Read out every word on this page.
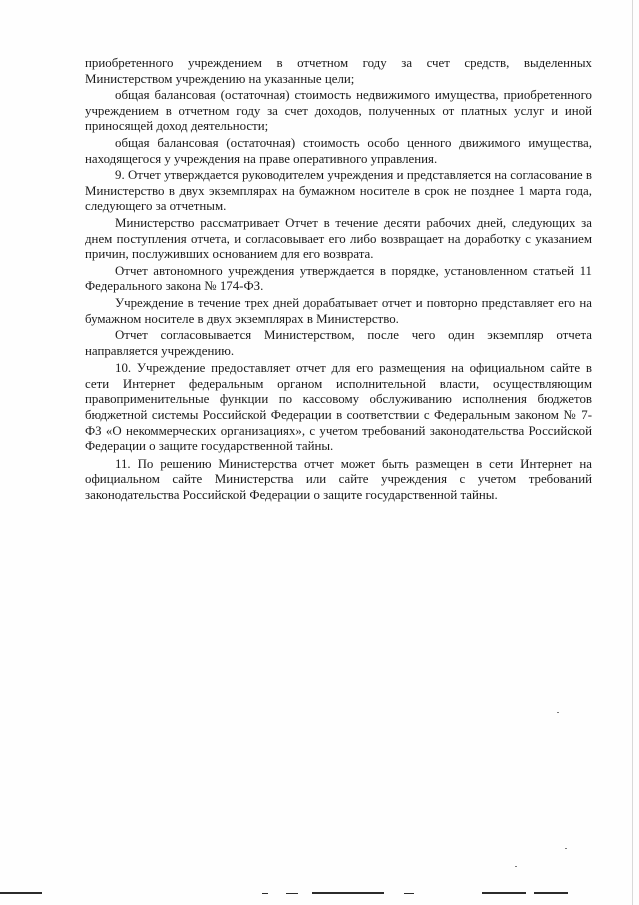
приобретенного учреждением в отчетном году за счет средств, выделенных Министерством учреждению на указанные цели;

общая балансовая (остаточная) стоимость недвижимого имущества, приобретенного учреждением в отчетном году за счет доходов, полученных от платных услуг и иной приносящей доход деятельности;

общая балансовая (остаточная) стоимость особо ценного движимого имущества, находящегося у учреждения на праве оперативного управления.

9. Отчет утверждается руководителем учреждения и представляется на согласование в Министерство в двух экземплярах на бумажном носителе в срок не позднее 1 марта года, следующего за отчетным.

Министерство рассматривает Отчет в течение десяти рабочих дней, следующих за днем поступления отчета, и согласовывает его либо возвращает на доработку с указанием причин, послуживших основанием для его возврата.

Отчет автономного учреждения утверждается в порядке, установленном статьей 11 Федерального закона № 174-ФЗ.

Учреждение в течение трех дней дорабатывает отчет и повторно представляет его на бумажном носителе в двух экземплярах в Министерство.

Отчет согласовывается Министерством, после чего один экземпляр отчета направляется учреждению.

10. Учреждение предоставляет отчет для его размещения на официальном сайте в сети Интернет федеральным органом исполнительной власти, осуществляющим правоприменительные функции по кассовому обслуживанию исполнения бюджетов бюджетной системы Российской Федерации в соответствии с Федеральным законом № 7-ФЗ «О некоммерческих организациях», с учетом требований законодательства Российской Федерации о защите государственной тайны.

11. По решению Министерства отчет может быть размещен в сети Интернет на официальном сайте Министерства или сайте учреждения с учетом требований законодательства Российской Федерации о защите государственной тайны.
